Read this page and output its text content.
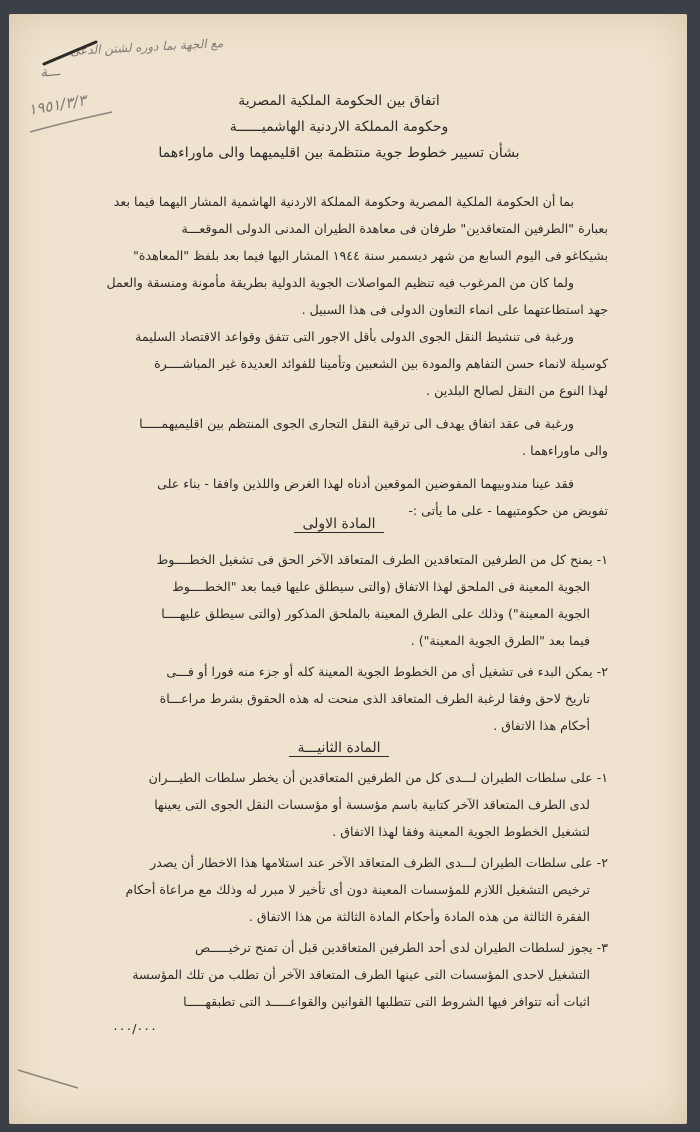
مع الجهة بما دوره لشتن الدعى
ـــة
١٩٥١/٣/٣	اتفاق بين الحكومة الملكية المصرية
وحكومة المملكة الاردنية الهاشميــــــة
بشأن تسيير خطوط جوية منتظمة بين اقليميهما والى ماوراءهما
بما أن الحكومة الملكية المصرية وحكومة المملكة الاردنية الهاشمية المشار اليهما فيما بعد
بعبارة "الطرفين المتعاقدين" طرفان فى معاهدة الطيران المدنى الدولى الموقعـــة
بشيكاغو فى اليوم السابع من شهر ديسمبر سنة ١٩٤٤ المشار اليها فيما بعد بلفظ "المعاهدة"
ولما كان من المرغوب فيه تنظيم المواصلات الجوية الدولية بطريقة مأمونة ومنسقة والعمل
جهد استطاعتهما على انماء التعاون الدولى فى هذا السبيل .
ورغبة فى تنشيط النقل الجوى الدولى بأقل الاجور التى تتفق وقواعد الاقتصاد السليمة
كوسيلة لانماء حسن التفاهم والمودة بين الشعبين وتأمينا للفوائد العديدة غير المباشــــرة
لهذا النوع من النقل لصالح البلدين .
ورغبة فى عقد اتفاق يهدف الى ترقية النقل التجارى الجوى المنتظم بين اقليميهمـــــا
والى ماوراءهما .
فقد عينا مندوبيهما المفوضين الموقعين أدناه لهذا الغرض واللذين وافقا - بناء على
تفويض من حكومتيهما - على ما يأتى :-
المادة الاولى
١- يمنح كل من الطرفين المتعاقدين الطرف المتعاقد الآخر الحق فى تشغيل الخطــــوط
الجوية المعينة فى الملحق لهذا الاتفاق (والتى سيطلق عليها فيما بعد "الخطــــوط
الجوية المعينة") وذلك على الطرق المعينة بالملحق المذكور (والتى سيطلق عليهــــا
فيما بعد "الطرق الجوية المعينة") .
٢- يمكن البدء فى تشغيل أى من الخطوط الجوية المعينة كله أو جزء منه فورا أو فـــى
تاريخ لاحق وفقا لرغبة الطرف المتعاقد الذى منحت له هذه الحقوق بشرط مراعـــاة
أحكام هذا الاتفاق .
المادة الثانيـــة
١- على سلطات الطيران لـــدى كل من الطرفين المتعاقدين أن يخطر سلطات الطيـــران
لدى الطرف المتعاقد الآخر كتابية باسم مؤسسة أو مؤسسات النقل الجوى التى يعينها
لتشغيل الخطوط الجوية المعينة وفقا لهذا الاتفاق .
٢- على سلطات الطيران لـــدى الطرف المتعاقد الآخر عند استلامها هذا الاخطار أن يصدر
ترخيص التشغيل اللازم للمؤسسات المعينة دون أى تأخير لا مبرر له وذلك مع مراعاة أحكام
الفقرة الثالثة من هذه المادة وأحكام المادة الثالثة من هذا الاتفاق .
٣- يجوز لسلطات الطيران لدى أحد الطرفين المتعاقدين قبل أن تمنح ترخيـــــص
التشغيل لاحدى المؤسسات التى عينها الطرف المتعاقد الآخر أن تطلب من تلك المؤسسة
اثبات أنه تتوافر فيها الشروط التى تتطلبها القوانين والقواعـــــد التى تطبقهـــــا
٠٠٠/٠٠٠
